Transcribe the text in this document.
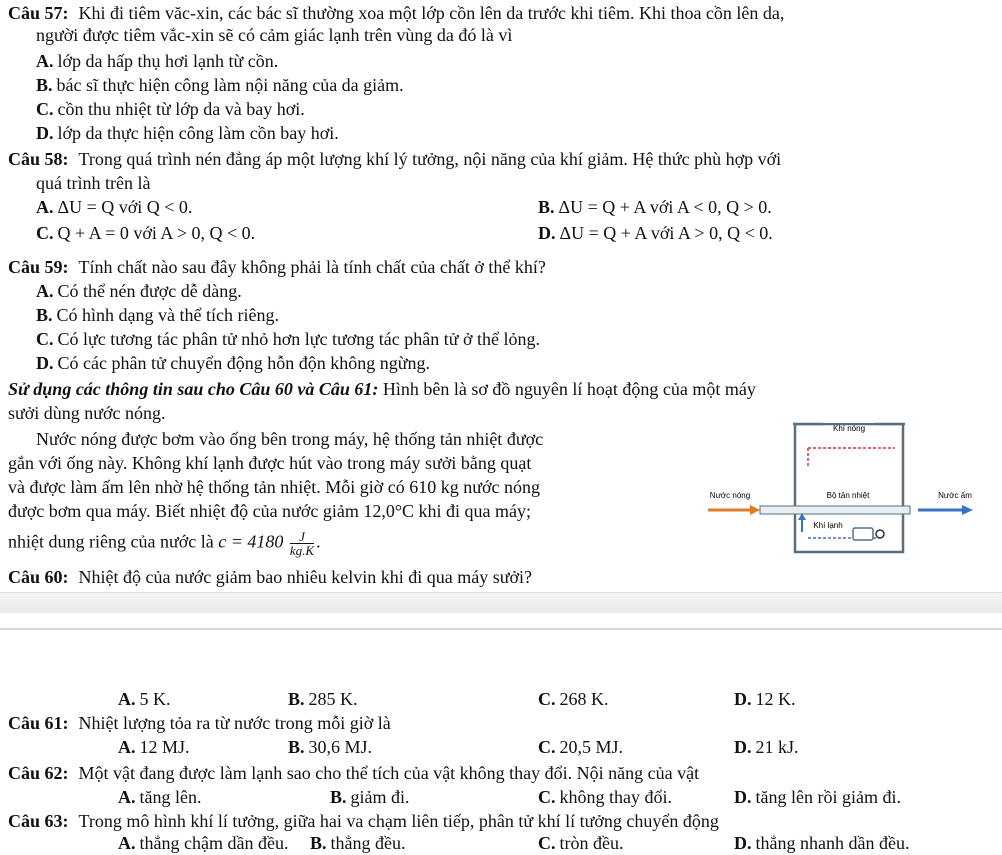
Câu 57: Khi đi tiêm văc-xin, các bác sĩ thường xoa một lớp cồn lên da trước khi tiêm. Khi thoa cồn lên da,
người được tiêm vắc-xin sẽ có cảm giác lạnh trên vùng da đó là vì
A. lớp da hấp thụ hơi lạnh từ cồn.
B. bác sĩ thực hiện công làm nội năng của da giảm.
C. cồn thu nhiệt từ lớp da và bay hơi.
D. lớp da thực hiện công làm cồn bay hơi.
Câu 58: Trong quá trình nén đẳng áp một lượng khí lý tưởng, nội năng của khí giảm. Hệ thức phù hợp với
quá trình trên là
A. ΔU = Q với Q < 0.	B. ΔU = Q + A với A < 0, Q > 0.
C. Q + A = 0 với A > 0, Q < 0.	D. ΔU = Q + A với A > 0, Q < 0.
Câu 59: Tính chất nào sau đây không phải là tính chất của chất ở thể khí?
A. Có thể nén được dễ dàng.
B. Có hình dạng và thể tích riêng.
C. Có lực tương tác phân tử nhỏ hơn lực tương tác phân tử ở thể lỏng.
D. Có các phân tử chuyển động hỗn độn không ngừng.
Sử dụng các thông tin sau cho Câu 60 và Câu 61: Hình bên là sơ đồ nguyên lí hoạt động của một máy
sưởi dùng nước nóng.
Nước nóng được bơm vào ống bên trong máy, hệ thống tản nhiệt được
gắn với ống này. Không khí lạnh được hút vào trong máy sưởi bằng quạt
và được làm ấm lên nhờ hệ thống tản nhiệt. Mỗi giờ có 610 kg nước nóng
được bơm qua máy. Biết nhiệt độ của nước giảm 12,0°C khi đi qua máy;
nhiệt dung riêng của nước là $c = 4180 \frac{J}{kg.K}$ .
Khí nóng
Nước nóng	Bộ tản nhiệt	Nước ấm
Khí lạnh
Câu 60: Nhiệt độ của nước giảm bao nhiêu kelvin khi đi qua máy sưởi?
A. 5 K.	B. 285 K.	C. 268 K.	D. 12 K.
Câu 61: Nhiệt lượng tỏa ra từ nước trong mỗi giờ là
A. 12 MJ.	B. 30,6 MJ.	C. 20,5 MJ.	D. 21 kJ.
Câu 62: Một vật đang được làm lạnh sao cho thể tích của vật không thay đổi. Nội năng của vật
A. tăng lên.	B. giảm đi.	C. không thay đổi.	D. tăng lên rồi giảm đi.
Câu 63: Trong mô hình khí lí tưởng, giữa hai va chạm liên tiếp, phân tử khí lí tưởng chuyển động
A. thẳng chậm dần đều. B. thẳng đều.	C. tròn đều.	D. thẳng nhanh dần đều.
